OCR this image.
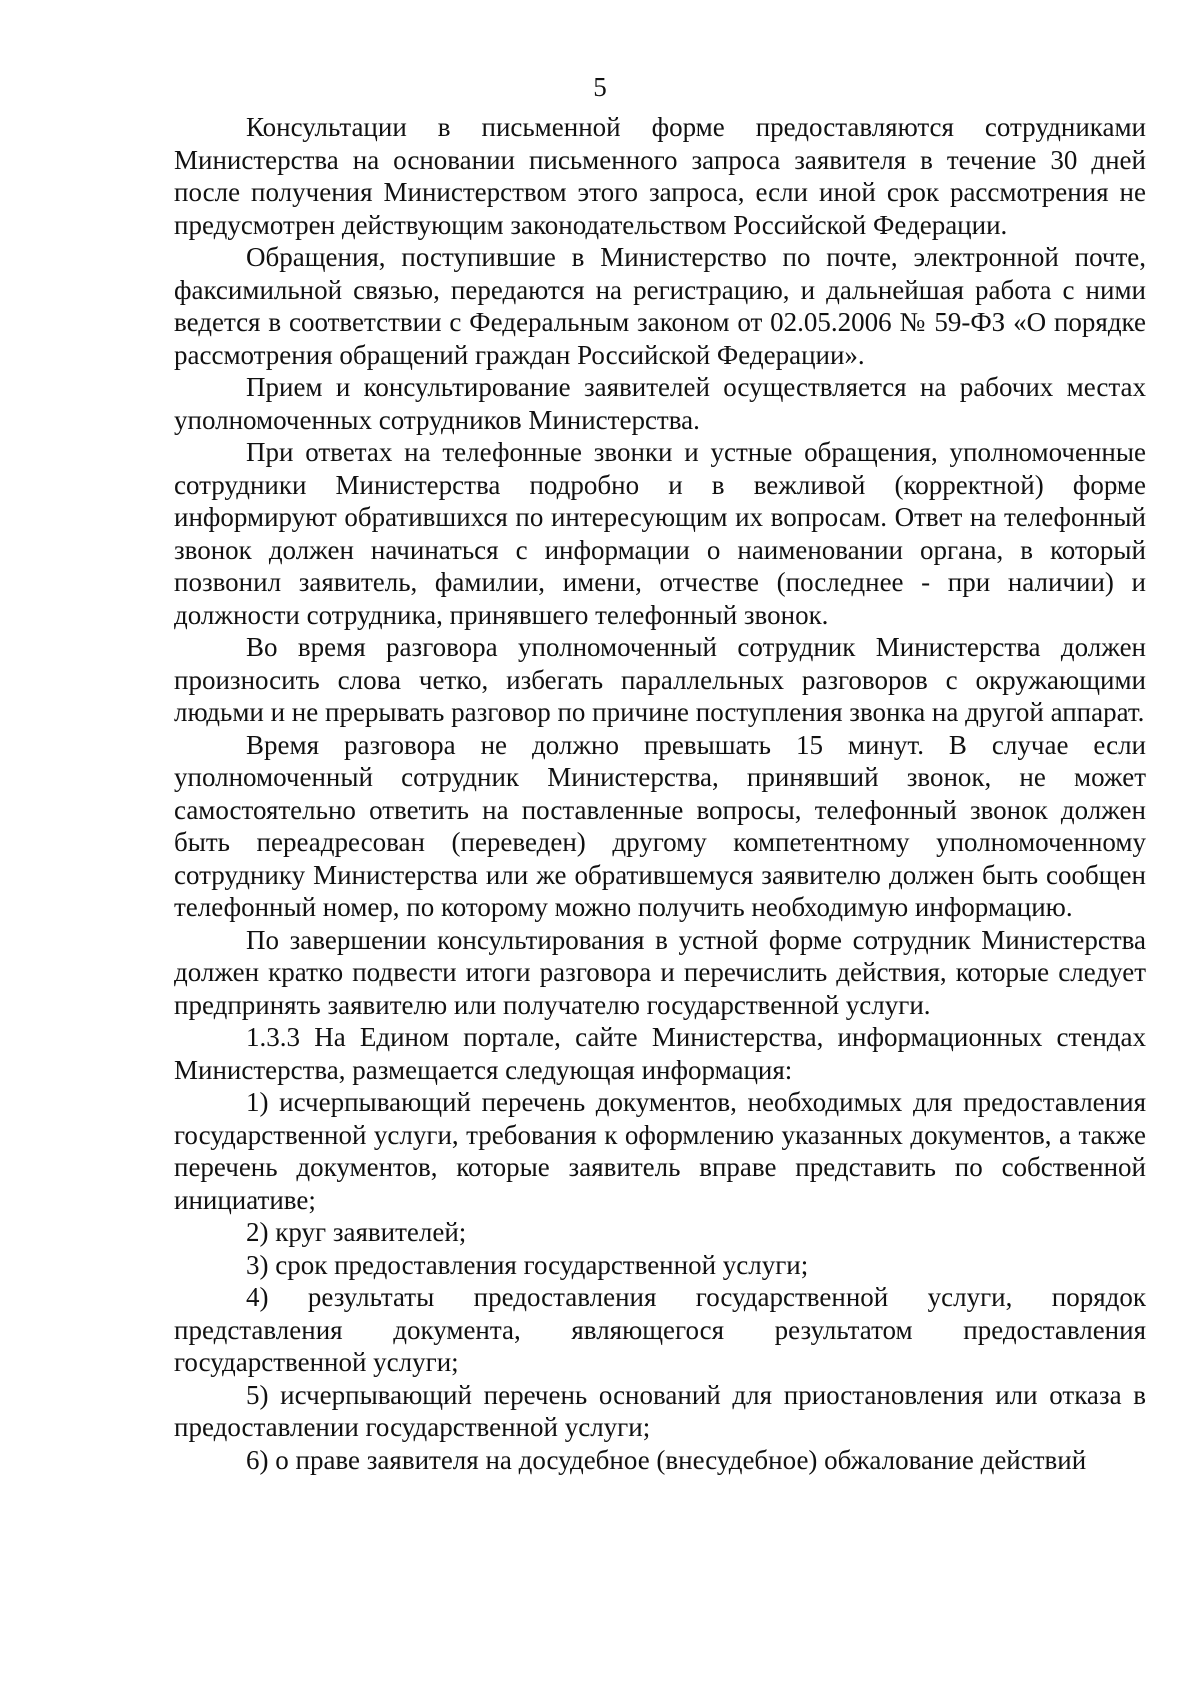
5

Консультации в письменной форме предоставляются сотрудниками Министерства на основании письменного запроса заявителя в течение 30 дней после получения Министерством этого запроса, если иной срок рассмотрения не предусмотрен действующим законодательством Российской Федерации.

Обращения, поступившие в Министерство по почте, электронной почте, факсимильной связью, передаются на регистрацию, и дальнейшая работа с ними ведется в соответствии с Федеральным законом от 02.05.2006 № 59-ФЗ «О порядке рассмотрения обращений граждан Российской Федерации».

Прием и консультирование заявителей осуществляется на рабочих местах уполномоченных сотрудников Министерства.

При ответах на телефонные звонки и устные обращения, уполномоченные сотрудники Министерства подробно и в вежливой (корректной) форме информируют обратившихся по интересующим их вопросам. Ответ на телефонный звонок должен начинаться с информации о наименовании органа, в который позвонил заявитель, фамилии, имени, отчестве (последнее - при наличии) и должности сотрудника, принявшего телефонный звонок.

Во время разговора уполномоченный сотрудник Министерства должен произносить слова четко, избегать параллельных разговоров с окружающими людьми и не прерывать разговор по причине поступления звонка на другой аппарат.

Время разговора не должно превышать 15 минут. В случае если уполномоченный сотрудник Министерства, принявший звонок, не может самостоятельно ответить на поставленные вопросы, телефонный звонок должен быть переадресован (переведен) другому компетентному уполномоченному сотруднику Министерства или же обратившемуся заявителю должен быть сообщен телефонный номер, по которому можно получить необходимую информацию.

По завершении консультирования в устной форме сотрудник Министерства должен кратко подвести итоги разговора и перечислить действия, которые следует предпринять заявителю или получателю государственной услуги.

1.3.3 На Едином портале, сайте Министерства, информационных стендах Министерства, размещается следующая информация:

1) исчерпывающий перечень документов, необходимых для предоставления государственной услуги, требования к оформлению указанных документов, а также перечень документов, которые заявитель вправе представить по собственной инициативе;

2) круг заявителей;

3) срок предоставления государственной услуги;

4) результаты предоставления государственной услуги, порядок представления документа, являющегося результатом предоставления государственной услуги;

5) исчерпывающий перечень оснований для приостановления или отказа в предоставлении государственной услуги;

6) о праве заявителя на досудебное (внесудебное) обжалование действий
